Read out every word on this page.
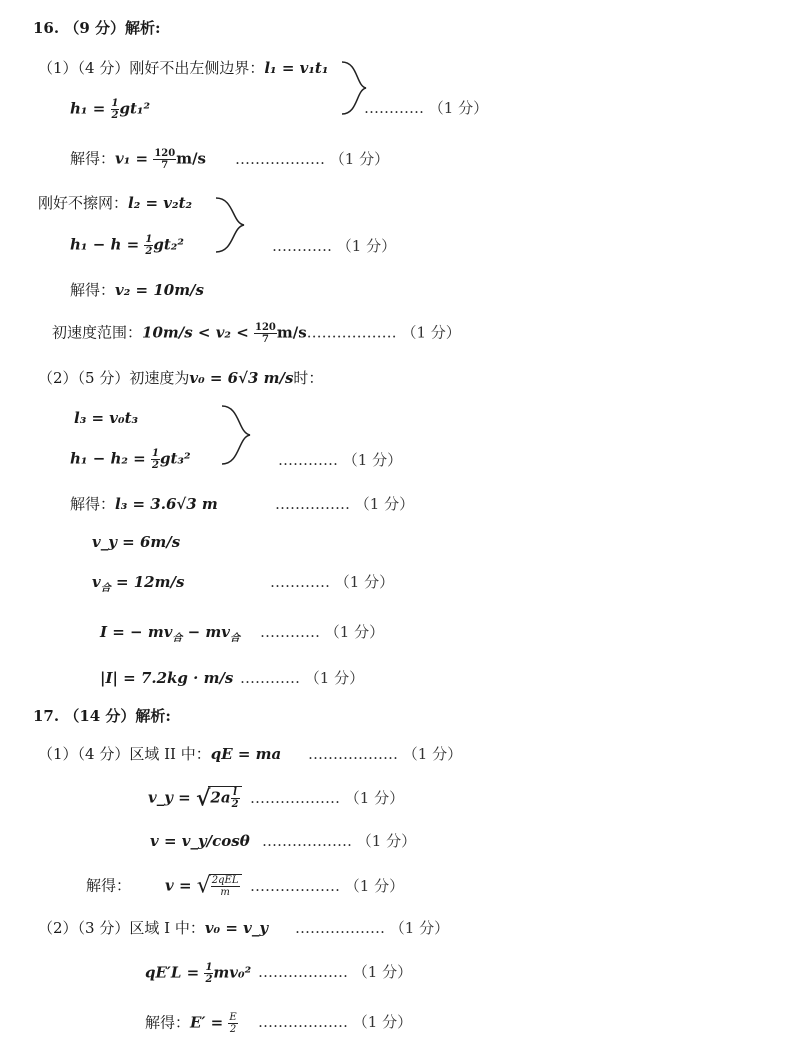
16. （9 分）解析:
（1）（4 分）刚好不出左侧边界：l₁ = v₁t₁
$h_1 = \frac{1}{2} gt_1^2$	………… （1 分）
解得：$v_1 = \frac{120}{7} m/s$ ……………… （1 分）
刚好不擦网：l₂ = v₂t₂
$h_1 - h = \frac{1}{2} gt_2^2$	………… （1 分）
解得：v₂ = 10m/s
初速度范围：$10m/s < v_2 < \frac{120}{7}$ m/s……………… （1 分）
（2）（5 分）初速度为v₀ = 6√3 m/s时：
l₃ = v₀t₃
$h_1 - h_2 = \frac{1}{2} gt_3^2$	………… （1 分）
解得：l₃ = 3.6√3 m	…………… （1 分）
v_y = 6m/s
$v_合 = 12m/s$	………… （1 分）
I = − $mv_合 - mv_合$ ………… （1 分）
|I| = 7.2kg · m/s ………… （1 分）
17. （14 分）解析:
（1）（4 分）区域 II 中：qE = ma ……………… （1 分）
v_y = $√2a \frac{l}{2}$ ……………… （1 分）
v = v_y/cosθ ……………… （1 分）
解得： v = √ $\frac{\text{2qEL}}{m}$ ……………… （1 分）
（2）（3 分）区域 I 中：v₀ = v_y ……………… （1 分）
$qE'L = \frac{1}{2} mv_0^2$ ……………… （1 分）
解得：$E' = \frac{E}{2}$ ……………… （1 分）
